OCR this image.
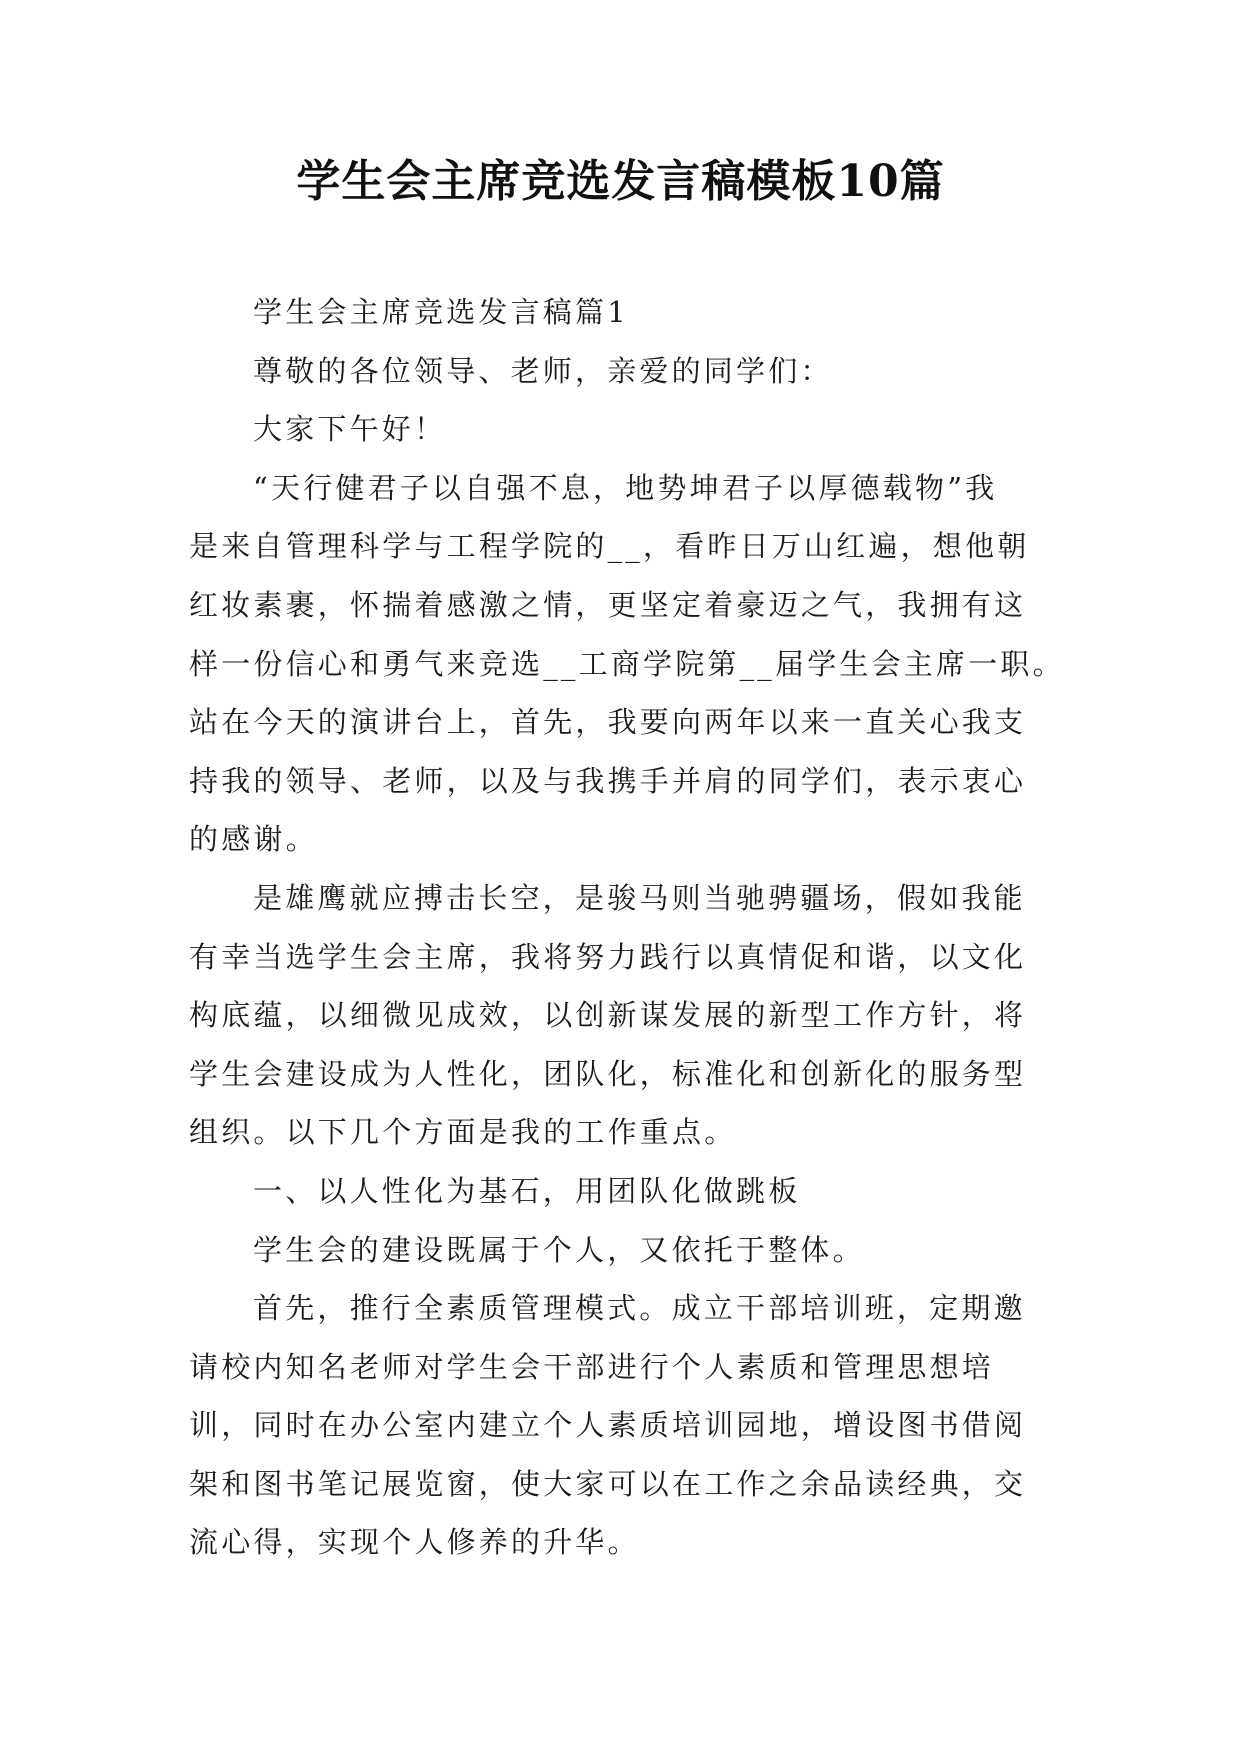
学生会主席竞选发言稿模板10篇
学生会主席竞选发言稿篇1
尊敬的各位领导、老师，亲爱的同学们：
大家下午好！
“天行健君子以自强不息，地势坤君子以厚德载物”我
是来自管理科学与工程学院的__，看昨日万山红遍，想他朝
红妆素裹，怀揣着感激之情，更坚定着豪迈之气，我拥有这
样一份信心和勇气来竞选__工商学院第__届学生会主席一职。
站在今天的演讲台上，首先，我要向两年以来一直关心我支
持我的领导、老师，以及与我携手并肩的同学们，表示衷心
的感谢。
是雄鹰就应搏击长空，是骏马则当驰骋疆场，假如我能
有幸当选学生会主席，我将努力践行以真情促和谐，以文化
构底蕴，以细微见成效，以创新谋发展的新型工作方针，将
学生会建设成为人性化，团队化，标准化和创新化的服务型
组织。以下几个方面是我的工作重点。
一、以人性化为基石，用团队化做跳板
学生会的建设既属于个人，又依托于整体。
首先，推行全素质管理模式。成立干部培训班，定期邀
请校内知名老师对学生会干部进行个人素质和管理思想培
训，同时在办公室内建立个人素质培训园地，增设图书借阅
架和图书笔记展览窗，使大家可以在工作之余品读经典，交
流心得，实现个人修养的升华。
